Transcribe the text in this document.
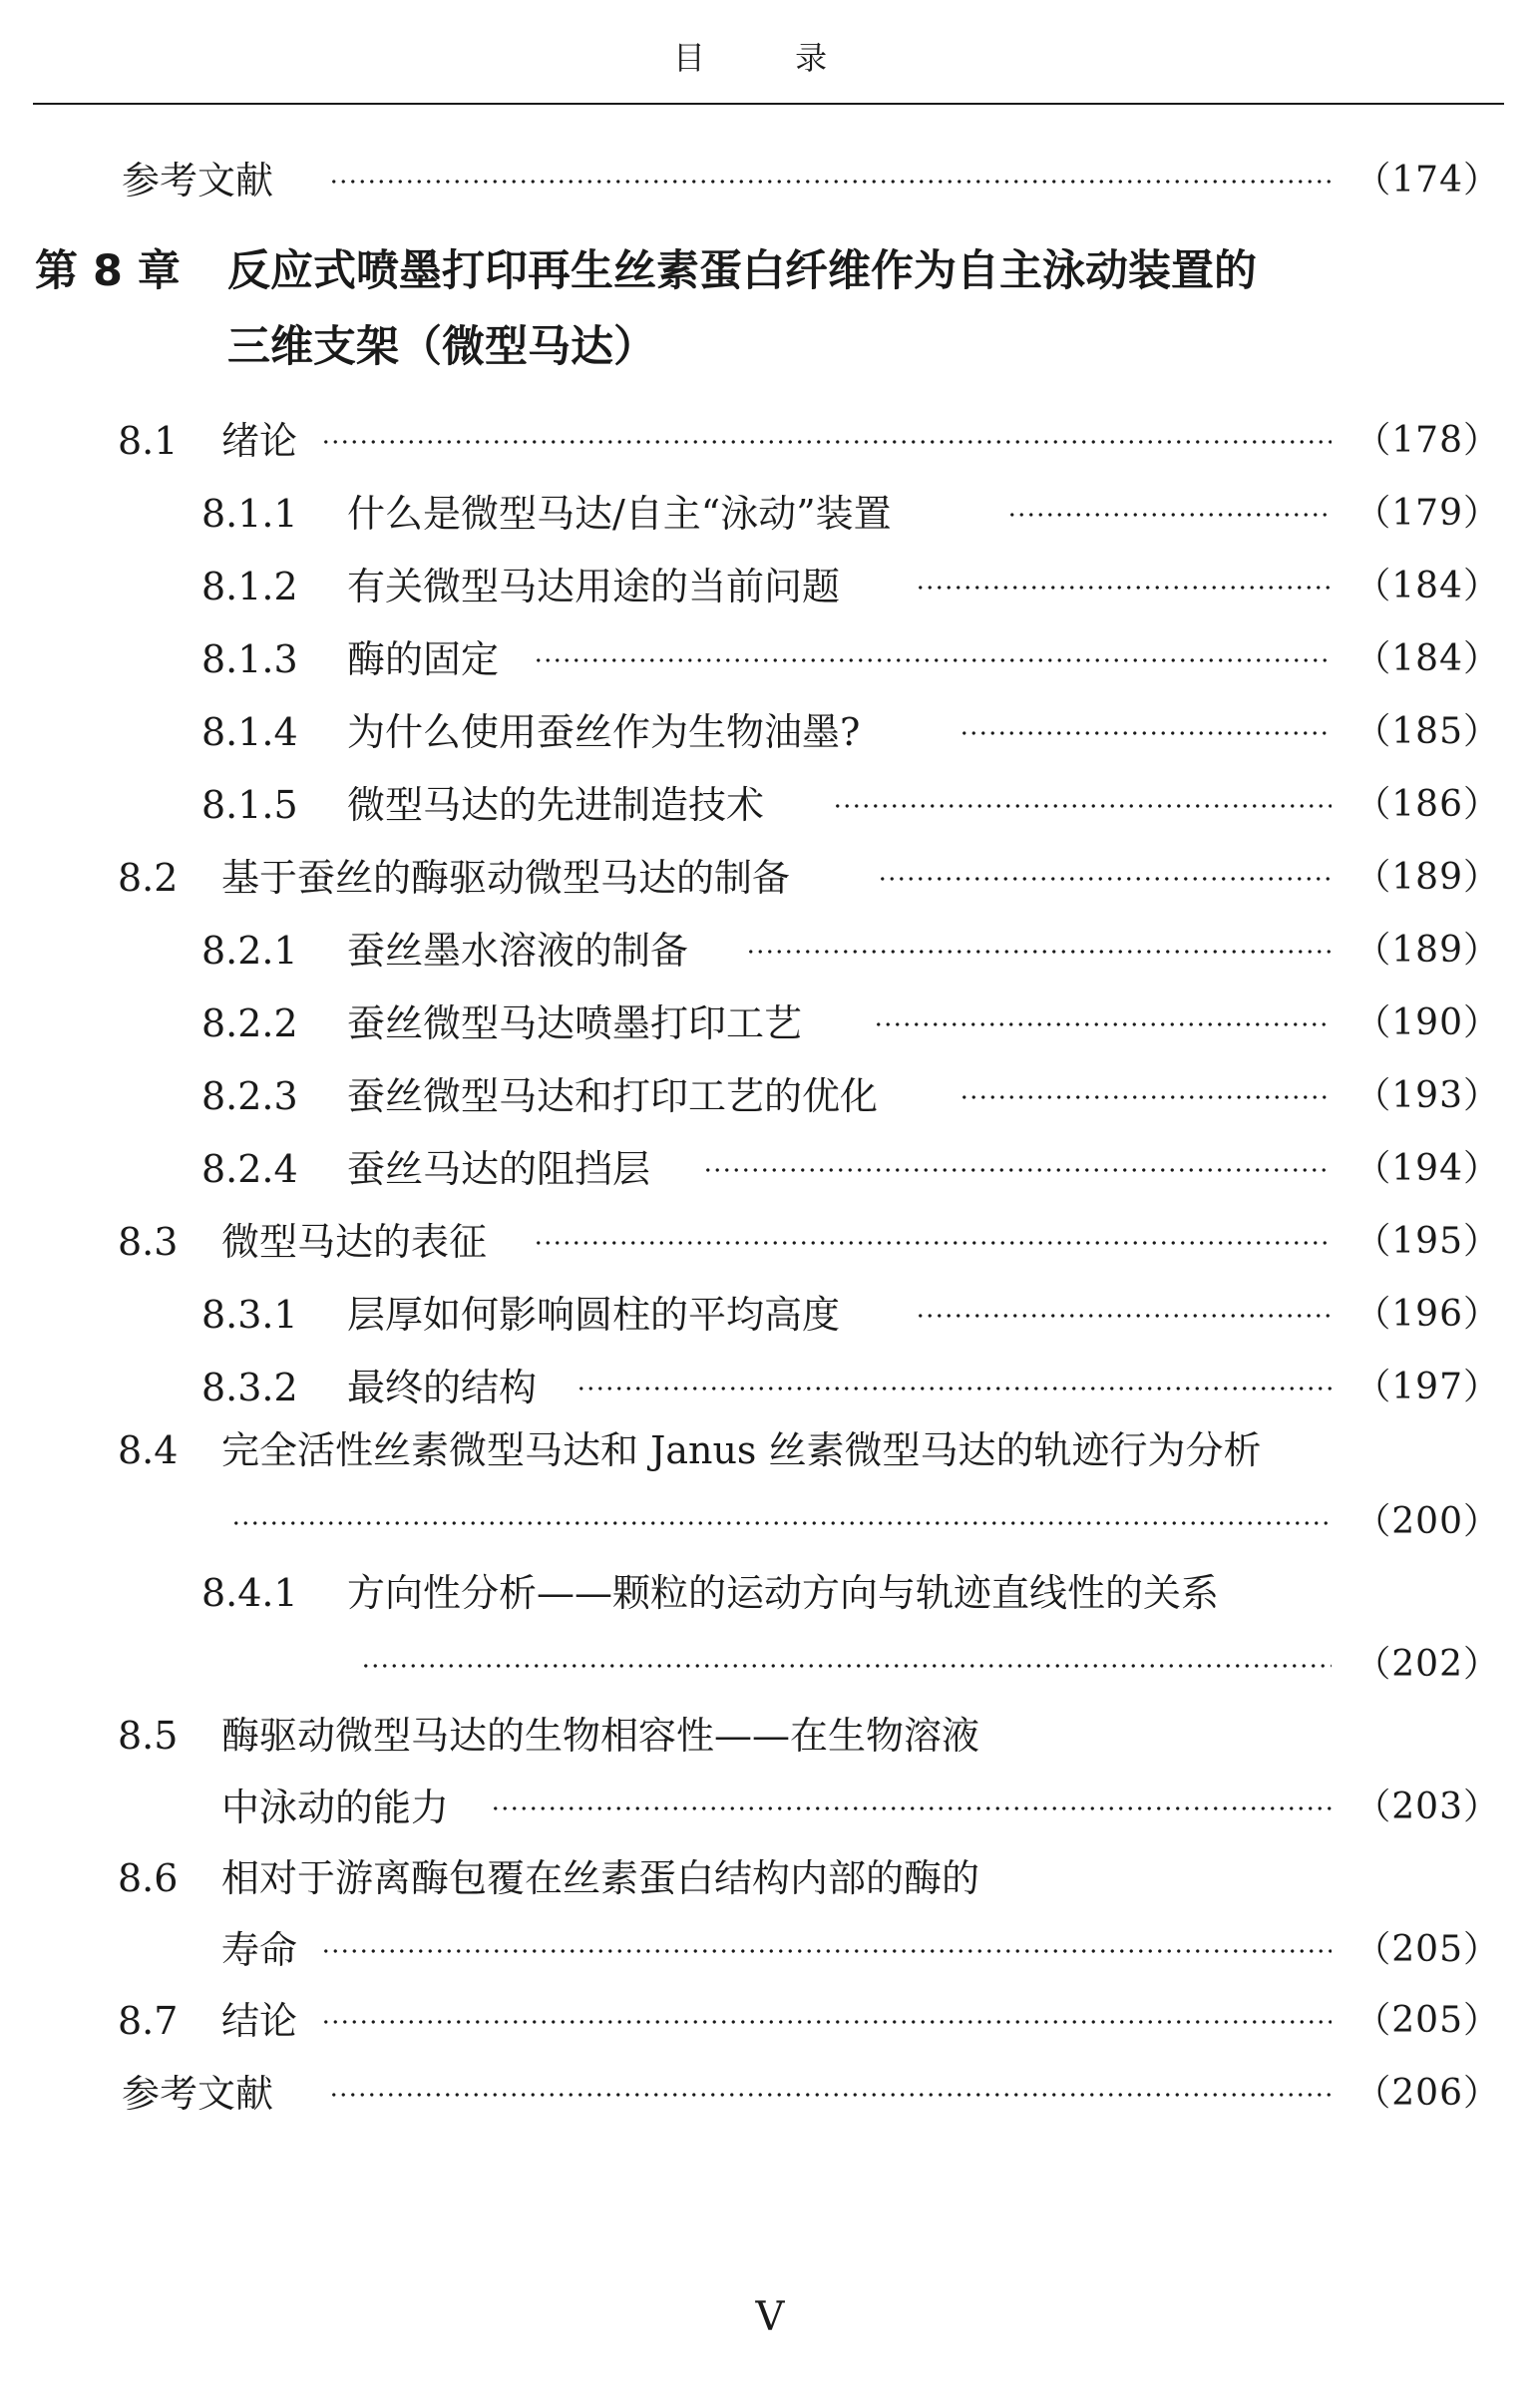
目 录
参考文献	（174）
第 8 章 反应式喷墨打印再生丝素蛋白纤维作为自主泳动装置的
三维支架（微型马达）
8.1 绪论	（178）
8.1.1 什么是微型马达/自主“泳动”装置	（179）
8.1.2 有关微型马达用途的当前问题	（184）
8.1.3 酶的固定	（184）
8.1.4 为什么使用蚕丝作为生物油墨?	（185）
8.1.5 微型马达的先进制造技术	（186）
8.2 基于蚕丝的酶驱动微型马达的制备	（189）
8.2.1 蚕丝墨水溶液的制备	（189）
8.2.2 蚕丝微型马达喷墨打印工艺	（190）
8.2.3 蚕丝微型马达和打印工艺的优化	（193）
8.2.4 蚕丝马达的阻挡层	（194）
8.3 微型马达的表征	（195）
8.3.1 层厚如何影响圆柱的平均高度	（196）
8.3.2 最终的结构	（197）
8.4 完全活性丝素微型马达和 Janus 丝素微型马达的轨迹行为分析
（200）
8.4.1 方向性分析——颗粒的运动方向与轨迹直线性的关系
（202）
8.5 酶驱动微型马达的生物相容性——在生物溶液
中泳动的能力	（203）
8.6 相对于游离酶包覆在丝素蛋白结构内部的酶的
寿命	（205）
8.7 结论	（205）
参考文献	（206）
V
